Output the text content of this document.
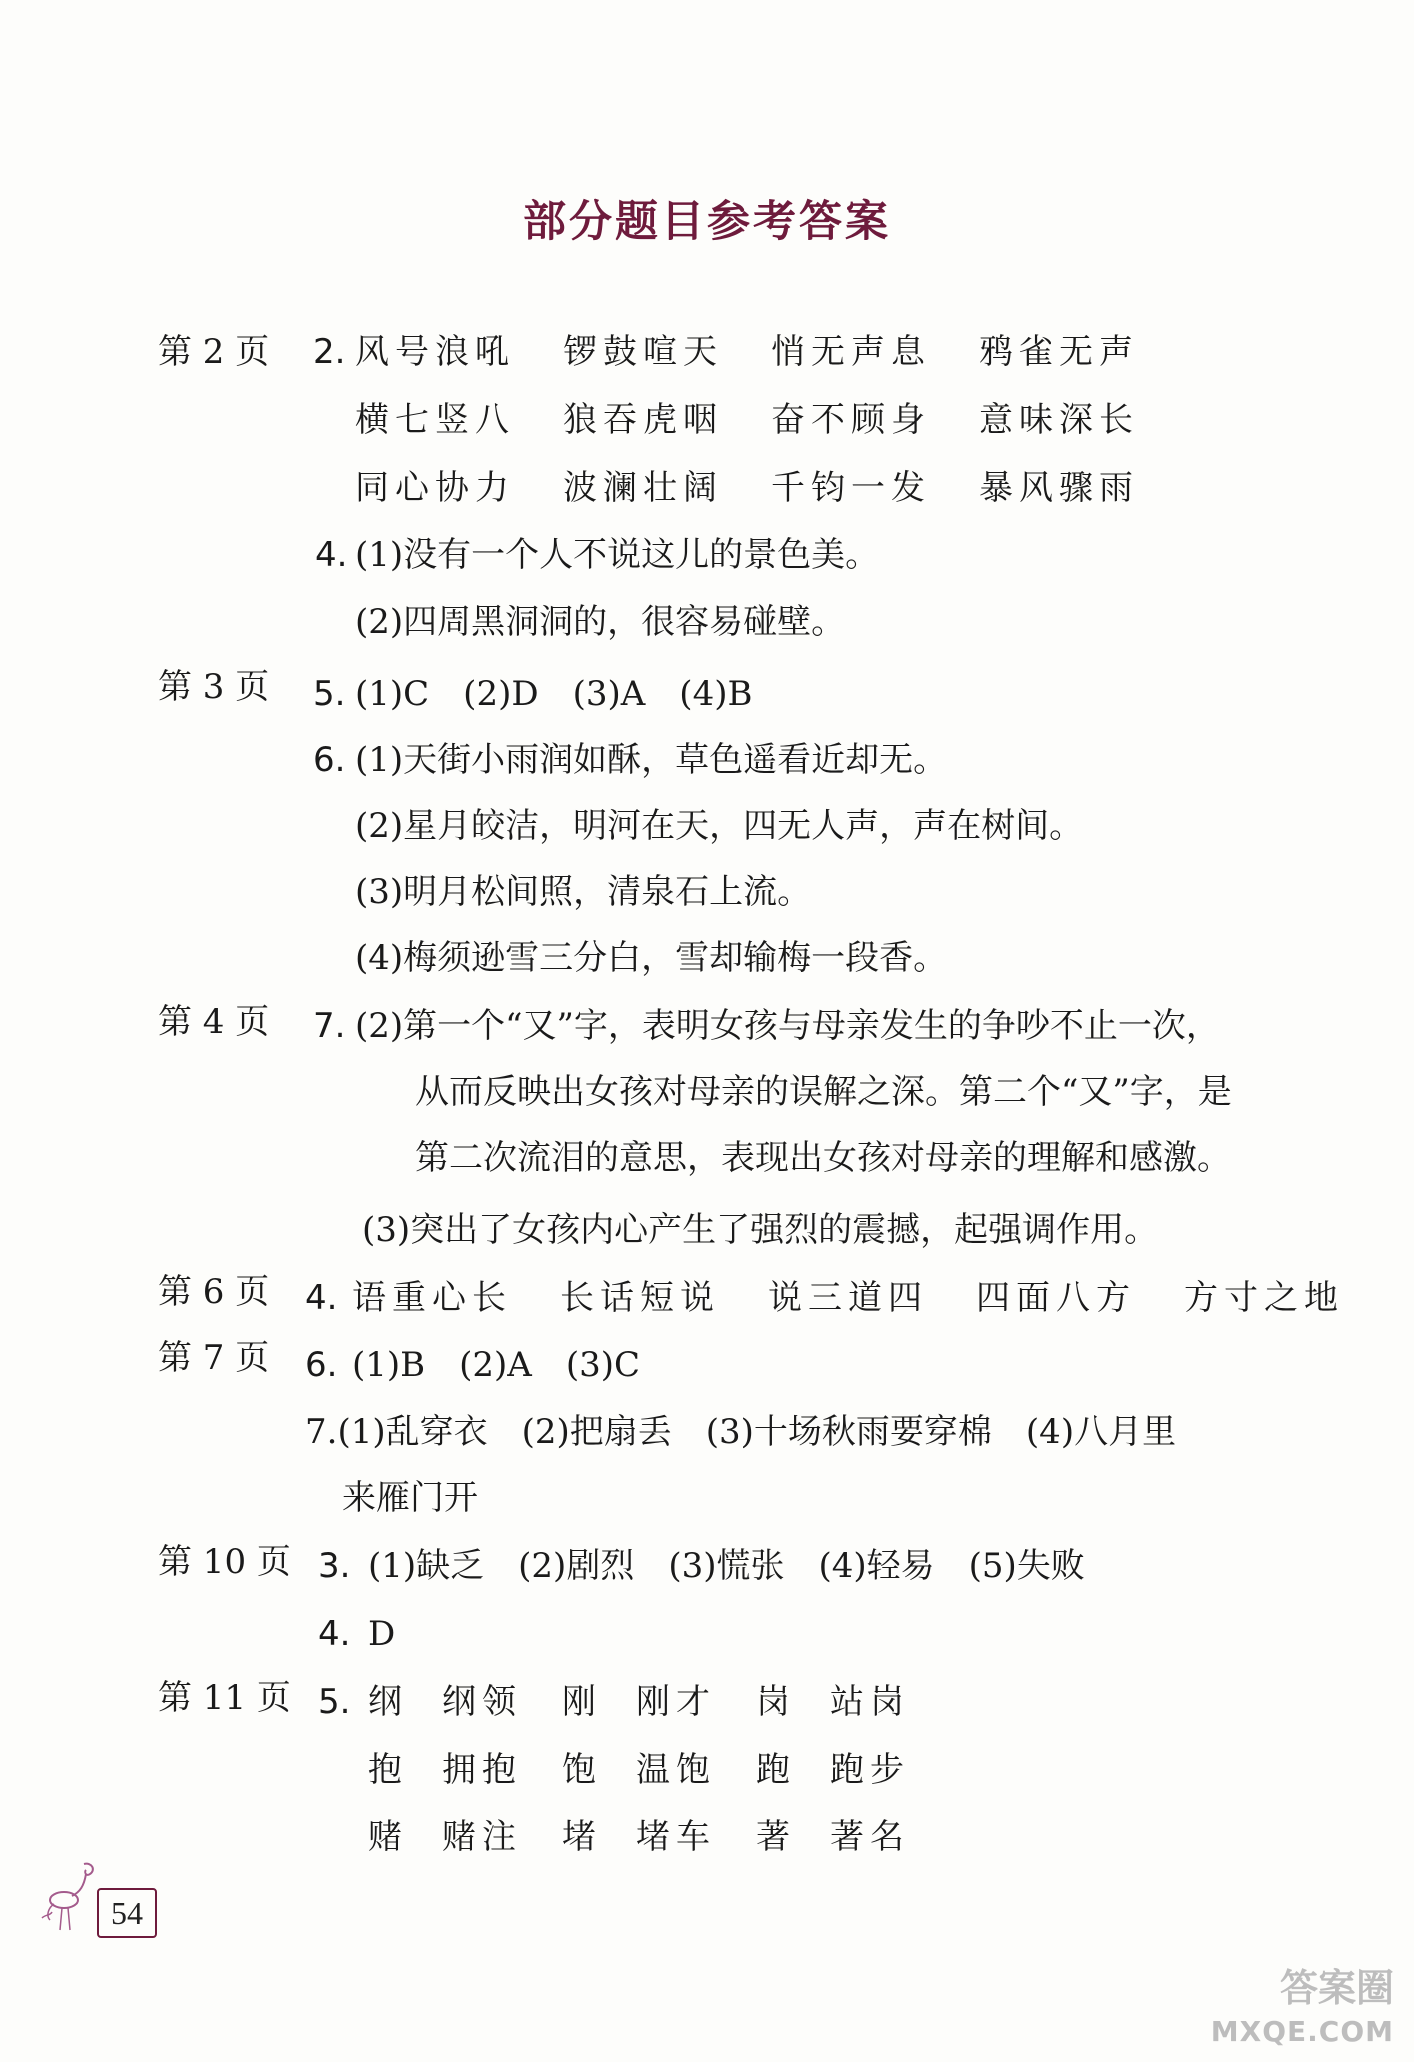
部分题目参考答案
第 2 页 2. 风号浪吼 锣鼓喧天 悄无声息 鸦雀无声
横七竖八 狼吞虎咽 奋不顾身 意味深长
同心协力 波澜壮阔 千钧一发 暴风骤雨
4. (1)没有一个人不说这儿的景色美。
(2)四周黑洞洞的，很容易碰壁。
第 3 页 5. (1)C　(2)D　(3)A　(4)B
6. (1)天街小雨润如酥，草色遥看近却无。
(2)星月皎洁，明河在天，四无人声，声在树间。
(3)明月松间照，清泉石上流。
(4)梅须逊雪三分白，雪却输梅一段香。
第 4 页 7. (2)第一个“又”字，表明女孩与母亲发生的争吵不止一次，
从而反映出女孩对母亲的误解之深。第二个“又”字，是
第二次流泪的意思，表现出女孩对母亲的理解和感激。
(3)突出了女孩内心产生了强烈的震撼，起强调作用。
第 6 页 4. 语重心长 长话短说 说三道四 四面八方 方寸之地
第 7 页 6. (1)B　(2)A　(3)C
7.(1)乱穿衣　(2)把扇丢　(3)十场秋雨要穿棉　(4)八月里
来雁门开
第 10 页 3. (1)缺乏　(2)剧烈　(3)慌张　(4)轻易　(5)失败
4. D
第 11 页 5. 纲 纲领 刚 刚才 岗 站岗
抱 拥抱 饱 温饱 跑 跑步
赌 赌注 堵 堵车 著 著名
54
答案圈
MXQE.COM
